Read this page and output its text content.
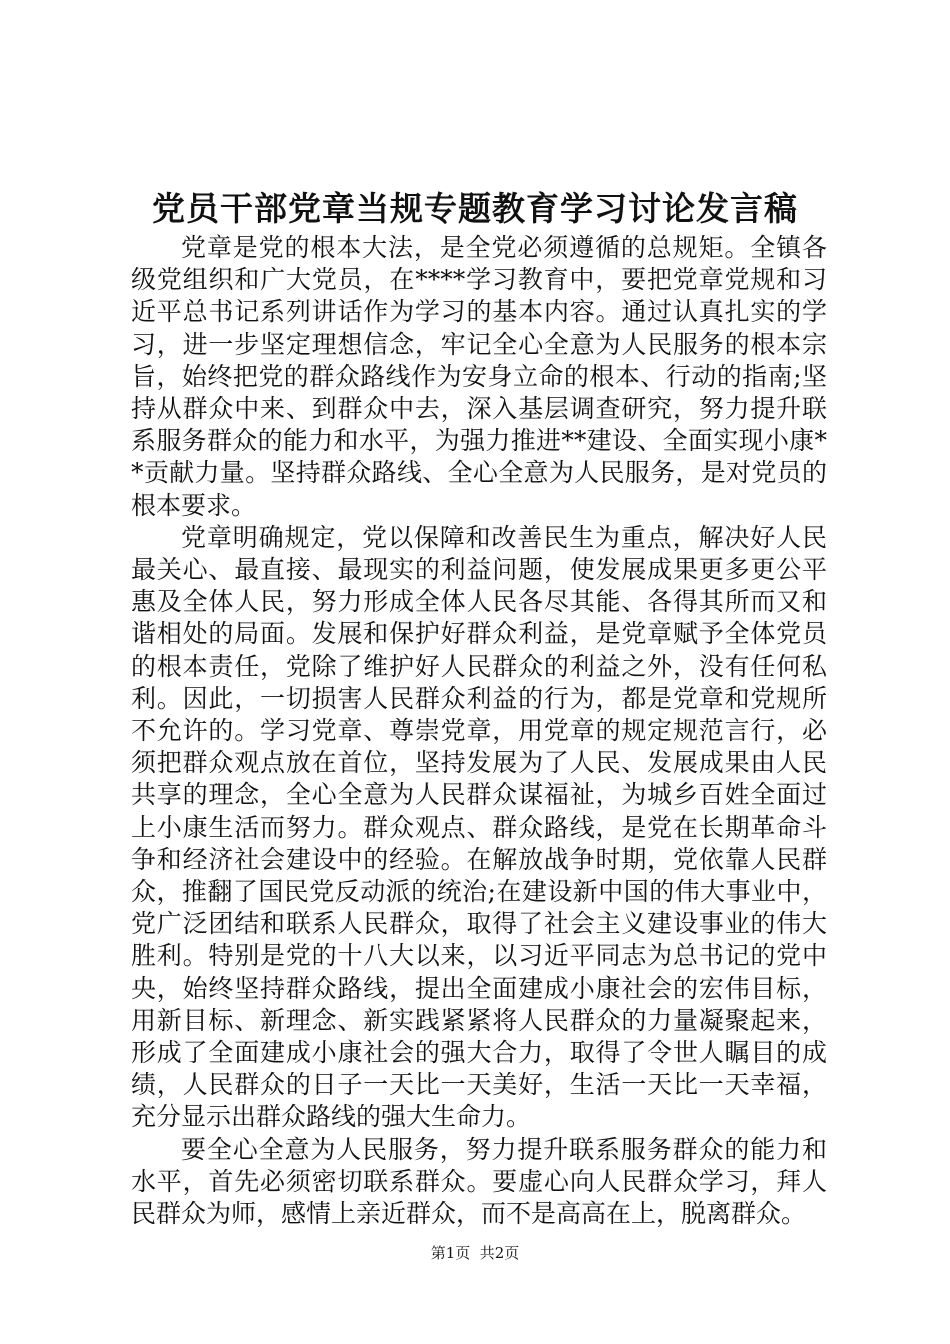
党员干部党章当规专题教育学习讨论发言稿

党章是党的根本大法，是全党必须遵循的总规矩。全镇各级党组织和广大党员，在****学习教育中，要把党章党规和习近平总书记系列讲话作为学习的基本内容。通过认真扎实的学习，进一步坚定理想信念，牢记全心全意为人民服务的根本宗旨，始终把党的群众路线作为安身立命的根本、行动的指南;坚持从群众中来、到群众中去，深入基层调查研究，努力提升联系服务群众的能力和水平，为强力推进**建设、全面实现小康**贡献力量。坚持群众路线、全心全意为人民服务，是对党员的根本要求。

党章明确规定，党以保障和改善民生为重点，解决好人民最关心、最直接、最现实的利益问题，使发展成果更多更公平惠及全体人民，努力形成全体人民各尽其能、各得其所而又和谐相处的局面。发展和保护好群众利益，是党章赋予全体党员的根本责任，党除了维护好人民群众的利益之外，没有任何私利。因此，一切损害人民群众利益的行为，都是党章和党规所不允许的。学习党章、尊崇党章，用党章的规定规范言行，必须把群众观点放在首位，坚持发展为了人民、发展成果由人民共享的理念，全心全意为人民群众谋福祉，为城乡百姓全面过上小康生活而努力。群众观点、群众路线，是党在长期革命斗争和经济社会建设中的经验。在解放战争时期，党依靠人民群众，推翻了国民党反动派的统治;在建设新中国的伟大事业中，党广泛团结和联系人民群众，取得了社会主义建设事业的伟大胜利。特别是党的十八大以来，以习近平同志为总书记的党中央，始终坚持群众路线，提出全面建成小康社会的宏伟目标，用新目标、新理念、新实践紧紧将人民群众的力量凝聚起来，形成了全面建成小康社会的强大合力，取得了令世人瞩目的成绩，人民群众的日子一天比一天美好，生活一天比一天幸福，充分显示出群众路线的强大生命力。

要全心全意为人民服务，努力提升联系服务群众的能力和水平，首先必须密切联系群众。要虚心向人民群众学习，拜人民群众为师，感情上亲近群众，而不是高高在上，脱离群众。

第1页  共2页
